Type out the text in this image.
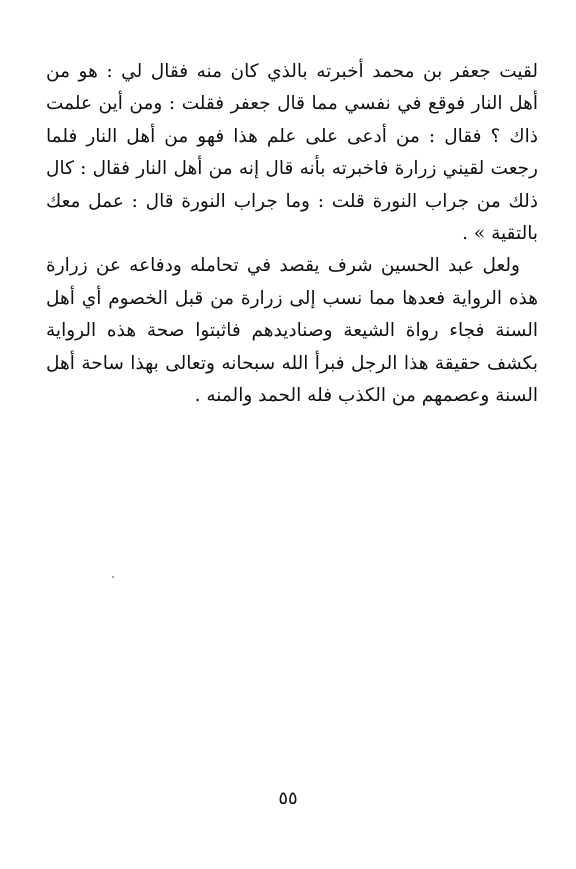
لقيت جعفر بن محمد أخبرته بالذي كان منه فقال لي : هو من أهل النار فوقع في نفسي مما قال جعفر فقلت : ومن أين علمت ذاك ؟ فقال : من أدعى على علم هذا فهو من أهل النار فلما رجعت لقيني زرارة فاخبرته بأنه قال إنه من أهل النار فقال : كال ذلك من جراب النورة قلت : وما جراب النورة قال : عمل معك بالتقية » .

ولعل عبد الحسين شرف يقصد في تحامله ودفاعه عن زرارة هذه الرواية فعدها مما نسب إلى زرارة من قبل الخصوم أي أهل السنة فجاء رواة الشيعة وصناديدهم فاثبتوا صحة هذه الرواية بكشف حقيقة هذا الرجل فبرأ الله سبحانه وتعالى بهذا ساحة أهل السنة وعصمهم من الكذب فله الحمد والمنه .

٥٥
